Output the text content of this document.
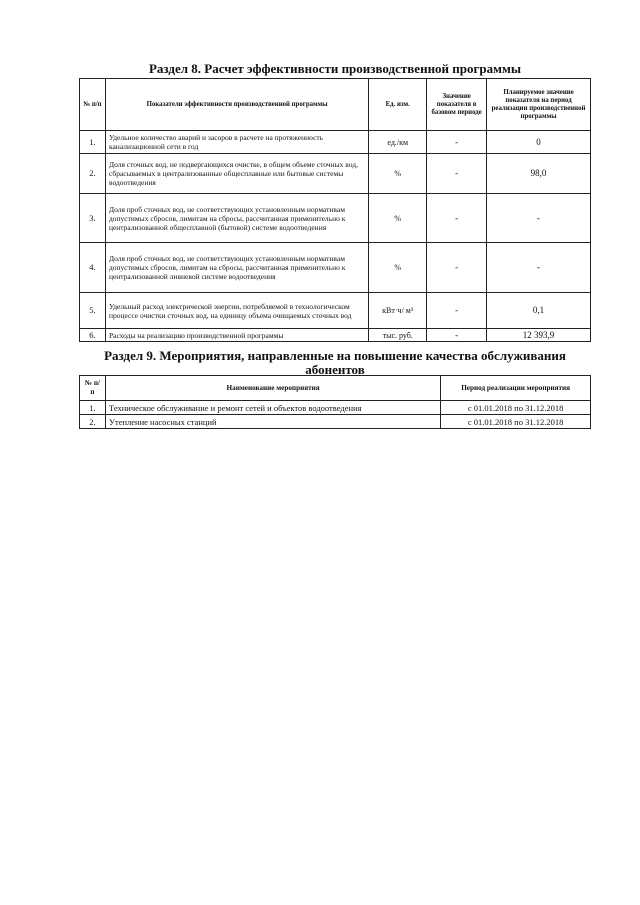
Раздел 8. Расчет эффективности производственной программы
№ п/п	Показатели эффективности производственной программы	Ед. изм.	Значение показателя в базовом периоде	Планируемое значение показателя на период реализации производственной программы
1.	Удельное количество аварий и засоров в расчете на протяженность канализационной сети в год	ед./км	-	0
2.	Доля сточных вод, не подвергающихся очистке, в общем объеме сточных вод, сбрасываемых в централизованные общесплавные или бытовые системы водоотведения	%	-	98,0
3.	Доля проб сточных вод, не соответствующих установленным нормативам допустимых сбросов, лимитам на сбросы, рассчитанная применительно к централизованной общесплавной (бытовой) системе водоотведения	%	-	-
4.	Доля проб сточных вод, не соответствующих установленным нормативам допустимых сбросов, лимитам на сбросы, рассчитанная применительно к централизованной ливневой системе водоотведения	%	-	-
5.	Удельный расход электрической энергии, потребляемой в технологическом процессе очистки сточных вод, на единицу объема очищаемых сточных вод	кВт·ч/ м³	-	0,1
6.	Расходы на реализацию производственной программы	тыс. руб.	-	12 393,9
Раздел 9. Мероприятия, направленные на повышение качества обслуживания абонентов
№ п/п	Наименование мероприятия	Период реализации мероприятия
1.	Техническое обслуживание и ремонт сетей и объектов водоотведения	с 01.01.2018 по 31.12.2018
2.	Утепление насосных станций	с 01.01.2018 по 31.12.2018
